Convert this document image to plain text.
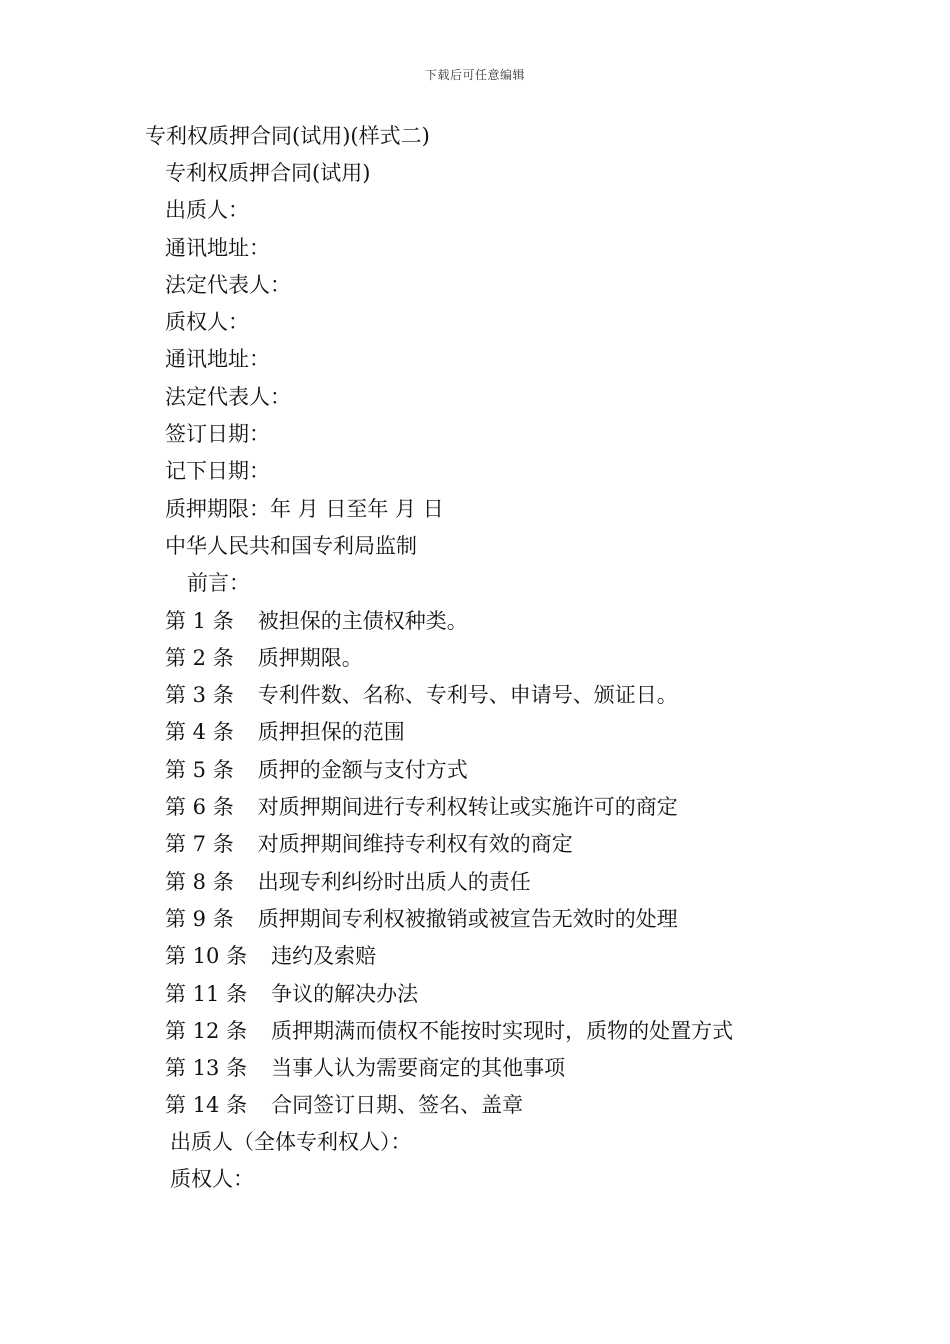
下载后可任意编辑
专利权质押合同(试用)(样式二)
专利权质押合同(试用)
出质人：
通讯地址：
法定代表人：
质权人：
通讯地址：
法定代表人：
签订日期：
记下日期：
质押期限：年 月 日至年 月 日
中华人民共和国专利局监制
前言：
第 1 条 被担保的主债权种类。
第 2 条 质押期限。
第 3 条 专利件数、名称、专利号、申请号、颁证日。
第 4 条 质押担保的范围
第 5 条 质押的金额与支付方式
第 6 条 对质押期间进行专利权转让或实施许可的商定
第 7 条 对质押期间维持专利权有效的商定
第 8 条 出现专利纠纷时出质人的责任
第 9 条 质押期间专利权被撤销或被宣告无效时的处理
第 10 条 违约及索赔
第 11 条 争议的解决办法
第 12 条 质押期满而债权不能按时实现时，质物的处置方式
第 13 条 当事人认为需要商定的其他事项
第 14 条 合同签订日期、签名、盖章
出质人（全体专利权人）：
质权人：
